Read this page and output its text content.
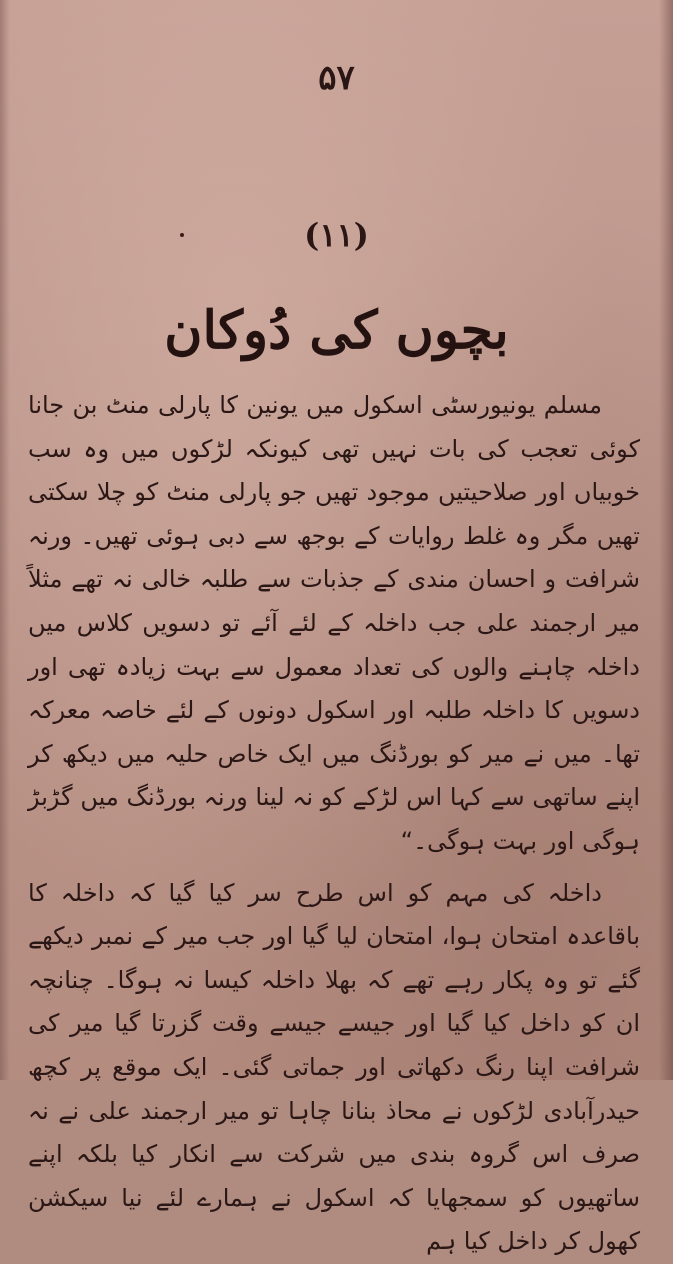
۵۷
(۱۱)
بچوں کی دُوکان

مسلم یونیورسٹی اسکول میں یونین کا پارلی منٹ بن جانا کوئی تعجب کی بات نہیں تھی کیونکہ لڑکوں میں وہ سب خوبیاں اور صلاحیتیں موجود تھیں جو پارلی منٹ کو چلا سکتی تھیں مگر وہ غلط روایات کے بوجھ سے دبی ہوئی تھیں۔ ورنہ شرافت و احسان مندی کے جذبات سے طلبہ خالی نہ تھے مثلاً میر ارجمند علی جب داخلہ کے لئے آئے تو دسویں کلاس میں داخلہ چاہنے والوں کی تعداد معمول سے بہت زیادہ تھی اور دسویں کا داخلہ طلبہ اور اسکول دونوں کے لئے خاصہ معرکہ تھا۔ میں نے میر کو بورڈنگ میں ایک خاص حلیہ میں دیکھ کر اپنے ساتھی سے کہا اس لڑکے کو نہ لینا ورنہ بورڈنگ میں گڑبڑ ہوگی اور بہت ہوگی۔“

داخلہ کی مہم کو اس طرح سر کیا گیا کہ داخلہ کا باقاعدہ امتحان ہوا، امتحان لیا گیا اور جب میر کے نمبر دیکھے گئے تو وہ پکار رہے تھے کہ بھلا داخلہ کیسا نہ ہوگا۔ چنانچہ ان کو داخل کیا گیا اور جیسے جیسے وقت گزرتا گیا میر کی شرافت اپنا رنگ دکھاتی اور جماتی گئی۔ ایک موقع پر کچھ حیدرآبادی لڑکوں نے محاذ بنانا چاہا تو میر ارجمند علی نے نہ صرف اس گروہ بندی میں شرکت سے انکار کیا بلکہ اپنے ساتھیوں کو سمجھایا کہ اسکول نے ہمارے لئے نیا سیکشن کھول کر داخل کیا ہم
